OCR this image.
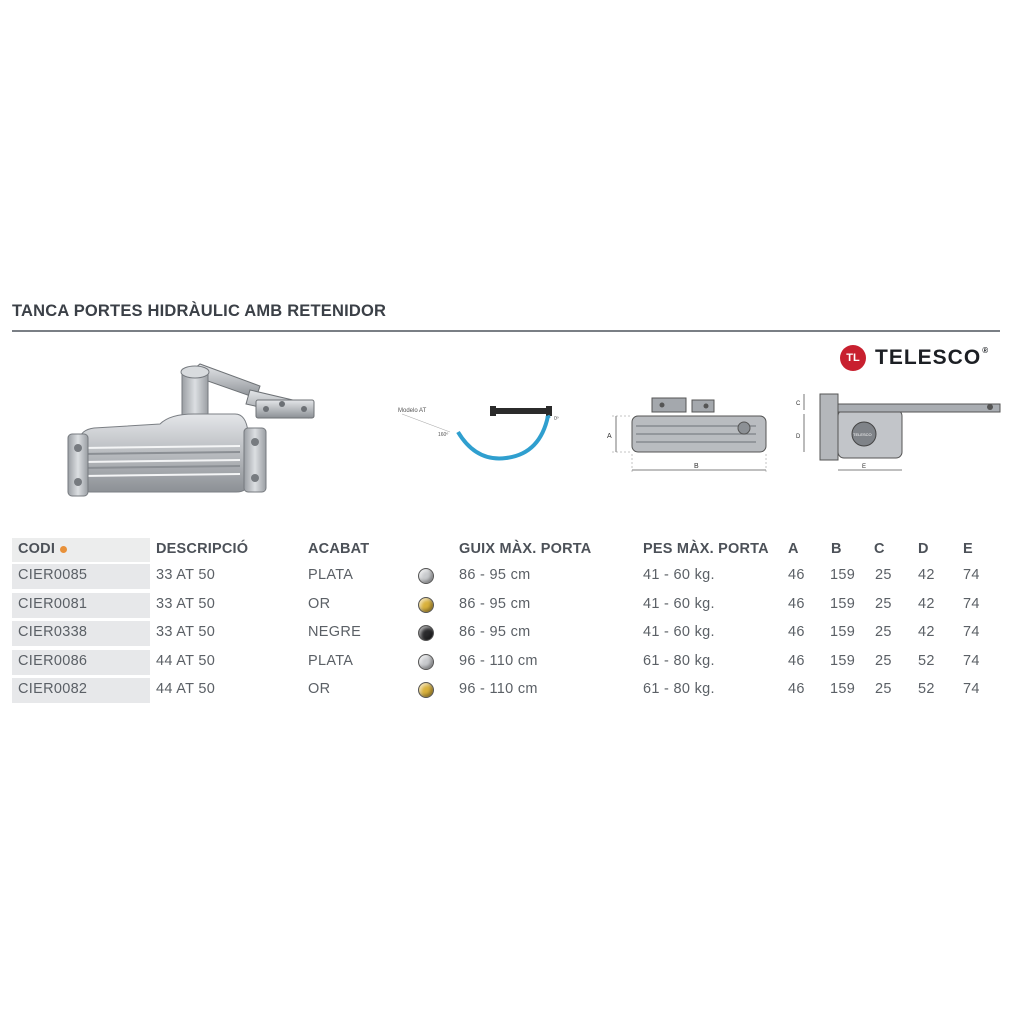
TANCA PORTES HIDRÀULIC AMB RETENIDOR
TL TELESCO®
Modelo AT
160º
0º
A
B
TELESCO
C
D
E
CODI	DESCRIPCIÓ	ACABAT	GUIX MÀX. PORTA	PES MÀX. PORTA A B C D E
CIER0085	33 AT 50	PLATA	86 - 95 cm	41 - 60 kg.	46 159 25 42 74
CIER0081	33 AT 50	OR	86 - 95 cm	41 - 60 kg.	46 159 25 42 74
CIER0338	33 AT 50	NEGRE	86 - 95 cm	41 - 60 kg.	46 159 25 42 74
CIER0086	44 AT 50	PLATA	96 - 110 cm	61 - 80 kg.	46 159 25 52 74
CIER0082	44 AT 50	OR	96 - 110 cm	61 - 80 kg.	46 159 25 52 74
